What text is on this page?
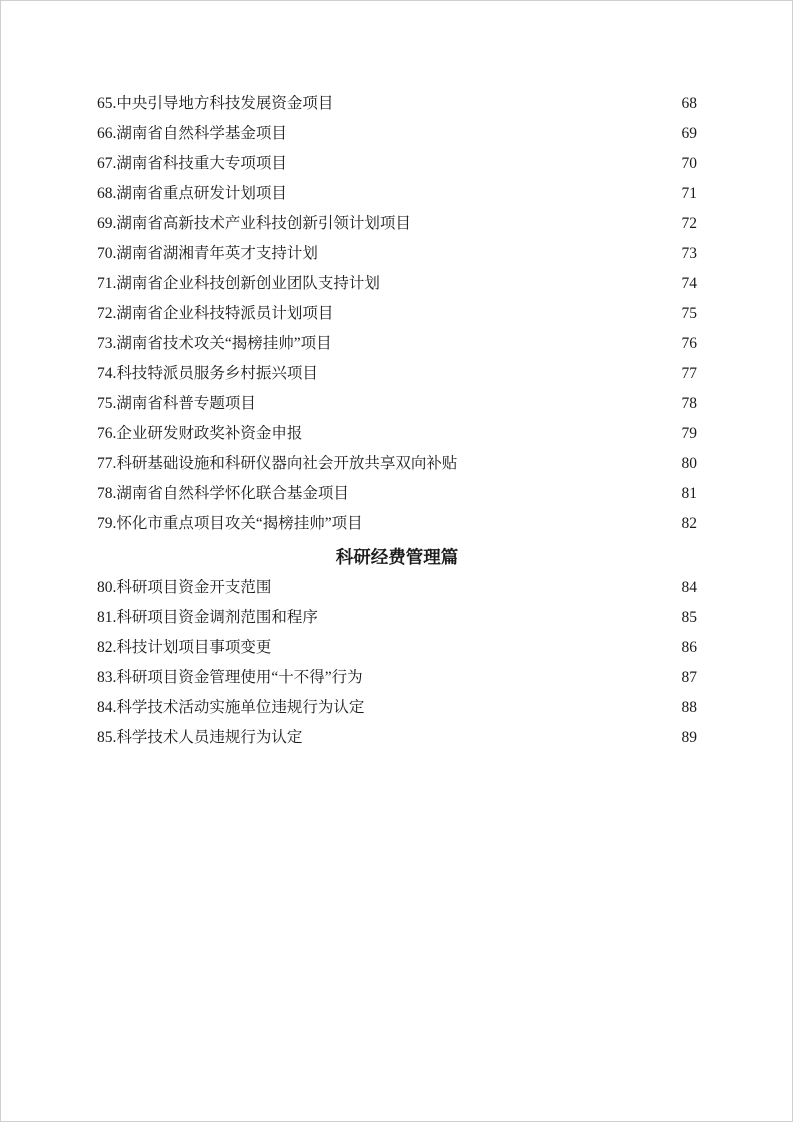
65.中央引导地方科技发展资金项目 .....	68
66.湖南省自然科学基金项目 .....	69
67.湖南省科技重大专项项目 .....	70
68.湖南省重点研发计划项目 .....	71
69.湖南省高新技术产业科技创新引领计划项目 .....	72
70.湖南省湖湘青年英才支持计划 .....	73
71.湖南省企业科技创新创业团队支持计划 .....	74
72.湖南省企业科技特派员计划项目 .....	75
73.湖南省技术攻关“揭榜挂帅”项目 .....	76
74.科技特派员服务乡村振兴项目 .....	77
75.湖南省科普专题项目 .....	78
76.企业研发财政奖补资金申报 .....	79
77.科研基础设施和科研仪器向社会开放共享双向补贴 .....	80
78.湖南省自然科学怀化联合基金项目 .....	81
79.怀化市重点项目攻关“揭榜挂帅”项目 .....	82
科研经费管理篇
80.科研项目资金开支范围 .....	84
81.科研项目资金调剂范围和程序 .....	85
82.科技计划项目事项变更 .....	86
83.科研项目资金管理使用“十不得”行为 .....	87
84.科学技术活动实施单位违规行为认定 .....	88
85.科学技术人员违规行为认定 .....	89
